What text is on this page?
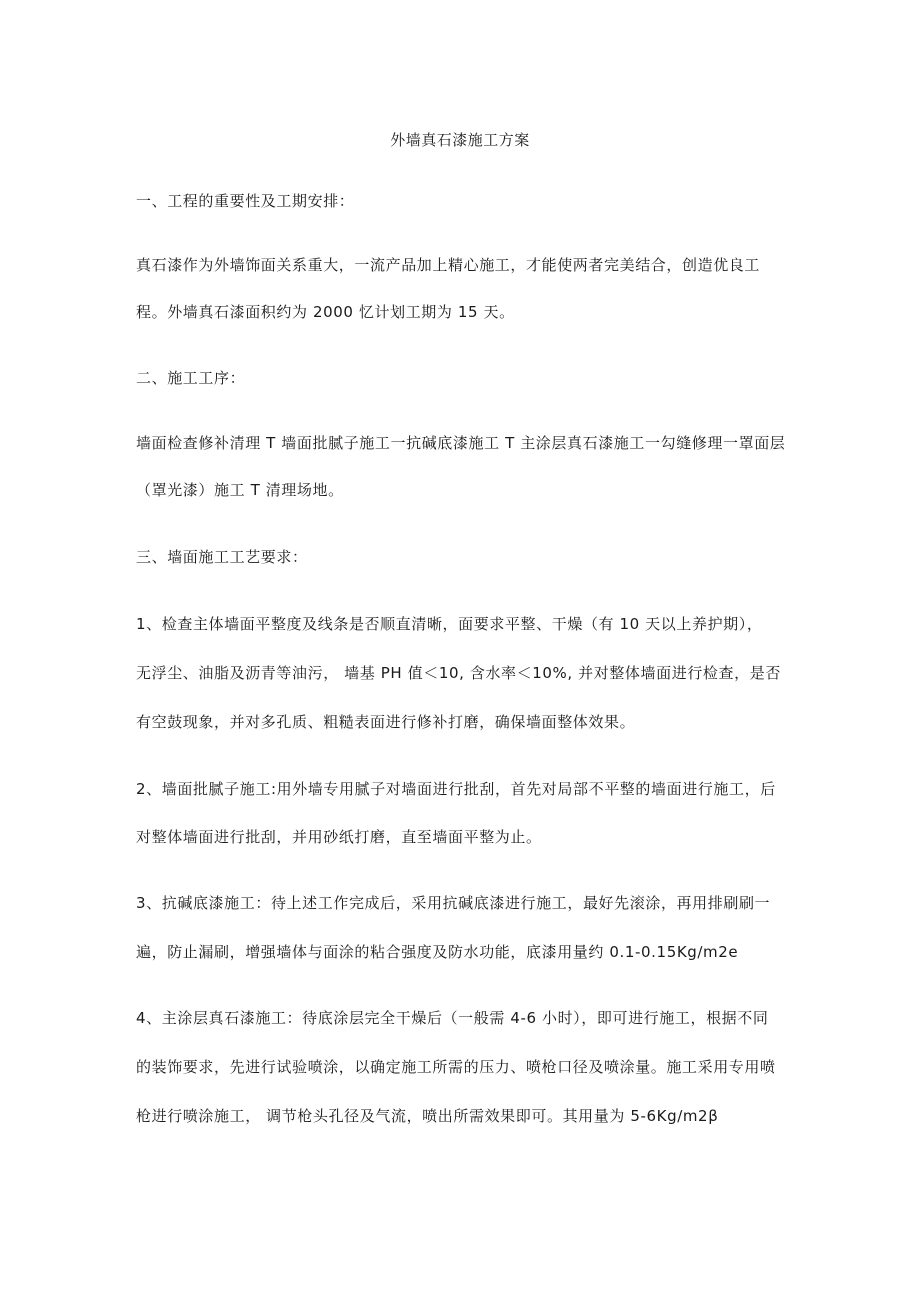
外墙真石漆施工方案
一、工程的重要性及工期安排：
真石漆作为外墙饰面关系重大，一流产品加上精心施工，才能使两者完美结合，创造优良工
程。外墙真石漆面积约为 2000 忆计划工期为 15 天。
二、施工工序：
墙面检查修补清理 T 墙面批腻子施工一抗碱底漆施工 T 主涂层真石漆施工一勾缝修理一罩面层
（罩光漆）施工 T 清理场地。
三、墙面施工工艺要求：
1、检查主体墙面平整度及线条是否顺直清晰，面要求平整、干燥（有 10 天以上养护期），
无浮尘、油脂及沥青等油污， 墙基 PH 值＜10, 含水率＜10%, 并对整体墙面进行检查，是否
有空鼓现象，并对多孔质、粗糙表面进行修补打磨，确保墙面整体效果。
2、墙面批腻子施工:用外墙专用腻子对墙面进行批刮，首先对局部不平整的墙面进行施工，后
对整体墙面进行批刮，并用砂纸打磨，直至墙面平整为止。
3、抗碱底漆施工：待上述工作完成后，采用抗碱底漆进行施工，最好先滚涂，再用排刷刷一
遍，防止漏刷，增强墙体与面涂的粘合强度及防水功能，底漆用量约 0.1-0.15Kg∕m2e
4、主涂层真石漆施工：待底涂层完全干燥后（一般需 4-6 小时），即可进行施工，根据不同
的装饰要求，先进行试验喷涂，以确定施工所需的压力、喷枪口径及喷涂量。施工采用专用喷
枪进行喷涂施工， 调节枪头孔径及气流，喷出所需效果即可。其用量为 5-6Kg∕m2β
